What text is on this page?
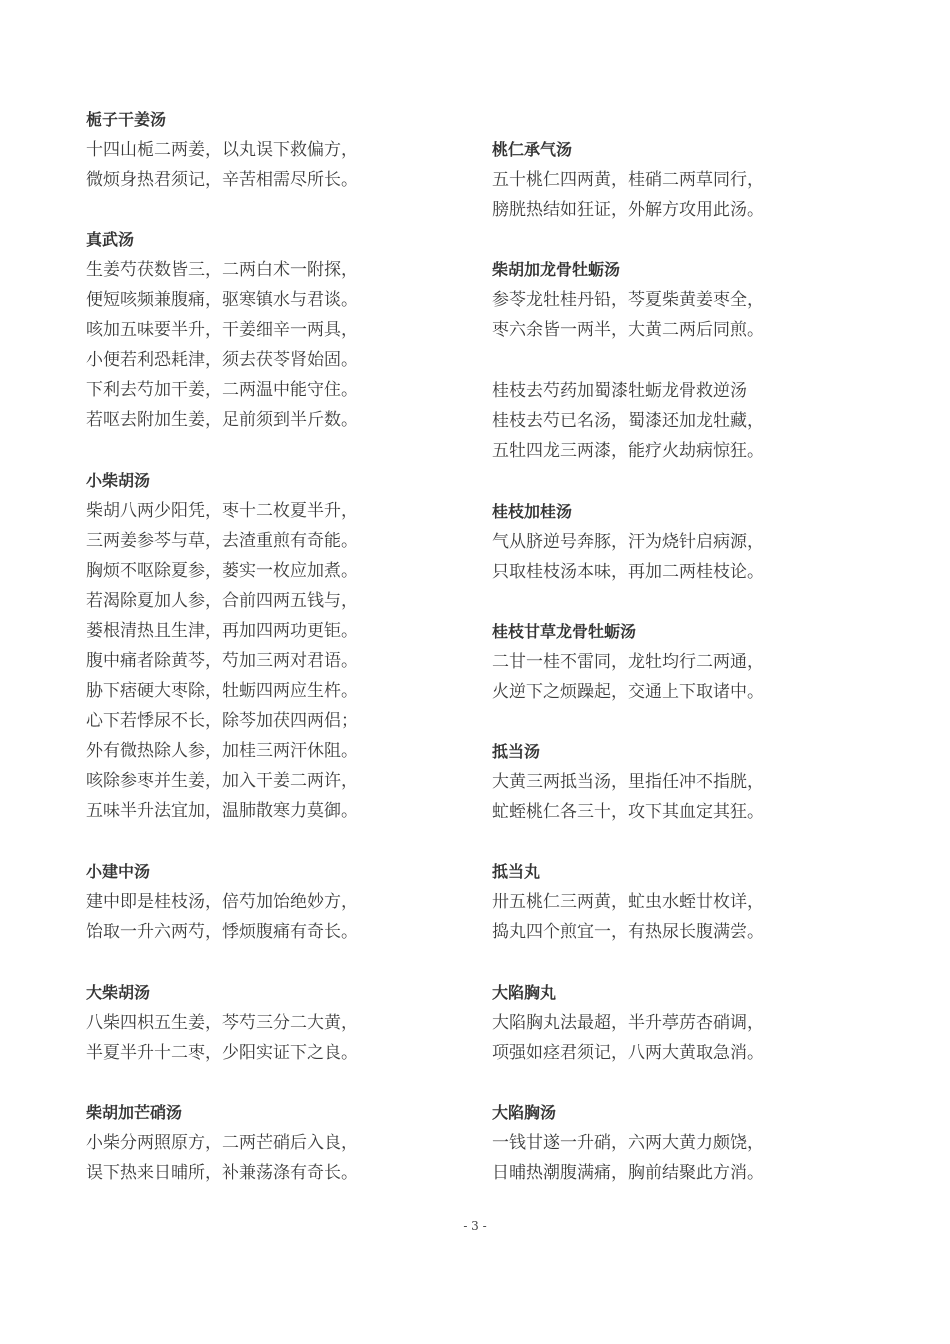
栀子干姜汤
十四山栀二两姜，以丸误下救偏方，
微烦身热君须记，辛苦相需尽所长。
真武汤
生姜芍茯数皆三，二两白术一附探，
便短咳频兼腹痛，驱寒镇水与君谈。
咳加五味要半升，干姜细辛一两具，
小便若利恐耗津，须去茯苓肾始固。
下利去芍加干姜，二两温中能守住。
若呕去附加生姜，足前须到半斤数。
小柴胡汤
柴胡八两少阳凭，枣十二枚夏半升，
三两姜参芩与草，去渣重煎有奇能。
胸烦不呕除夏参，蒌实一枚应加煮。
若渴除夏加人参，合前四两五钱与，
蒌根清热且生津，再加四两功更钜。
腹中痛者除黄芩，芍加三两对君语。
胁下痞硬大枣除，牡蛎四两应生杵。
心下若悸尿不长，除芩加茯四两侣；
外有微热除人参，加桂三两汗休阻。
咳除参枣并生姜，加入干姜二两许，
五味半升法宜加，温肺散寒力莫御。
小建中汤
建中即是桂枝汤，倍芍加饴绝妙方，
饴取一升六两芍，悸烦腹痛有奇长。
大柴胡汤
八柴四枳五生姜，芩芍三分二大黄，
半夏半升十二枣，少阳实证下之良。
柴胡加芒硝汤
小柴分两照原方，二两芒硝后入良，
误下热来日晡所，补兼荡涤有奇长。
桃仁承气汤
五十桃仁四两黄，桂硝二两草同行，
膀胱热结如狂证，外解方攻用此汤。
柴胡加龙骨牡蛎汤
参苓龙牡桂丹铅，芩夏柴黄姜枣全，
枣六余皆一两半，大黄二两后同煎。
桂枝去芍药加蜀漆牡蛎龙骨救逆汤
桂枝去芍已名汤，蜀漆还加龙牡藏，
五牡四龙三两漆，能疗火劫病惊狂。
桂枝加桂汤
气从脐逆号奔豚，汗为烧针启病源，
只取桂枝汤本味，再加二两桂枝论。
桂枝甘草龙骨牡蛎汤
二甘一桂不雷同，龙牡均行二两通，
火逆下之烦躁起，交通上下取诸中。
抵当汤
大黄三两抵当汤，里指任冲不指胱，
虻蛭桃仁各三十，攻下其血定其狂。
抵当丸
卅五桃仁三两黄，虻虫水蛭廿枚详，
捣丸四个煎宜一，有热尿长腹满尝。
大陷胸丸
大陷胸丸法最超，半升葶苈杏硝调，
项强如痉君须记，八两大黄取急消。
大陷胸汤
一钱甘遂一升硝，六两大黄力颇饶，
日晡热潮腹满痛，胸前结聚此方消。
- 3 -
